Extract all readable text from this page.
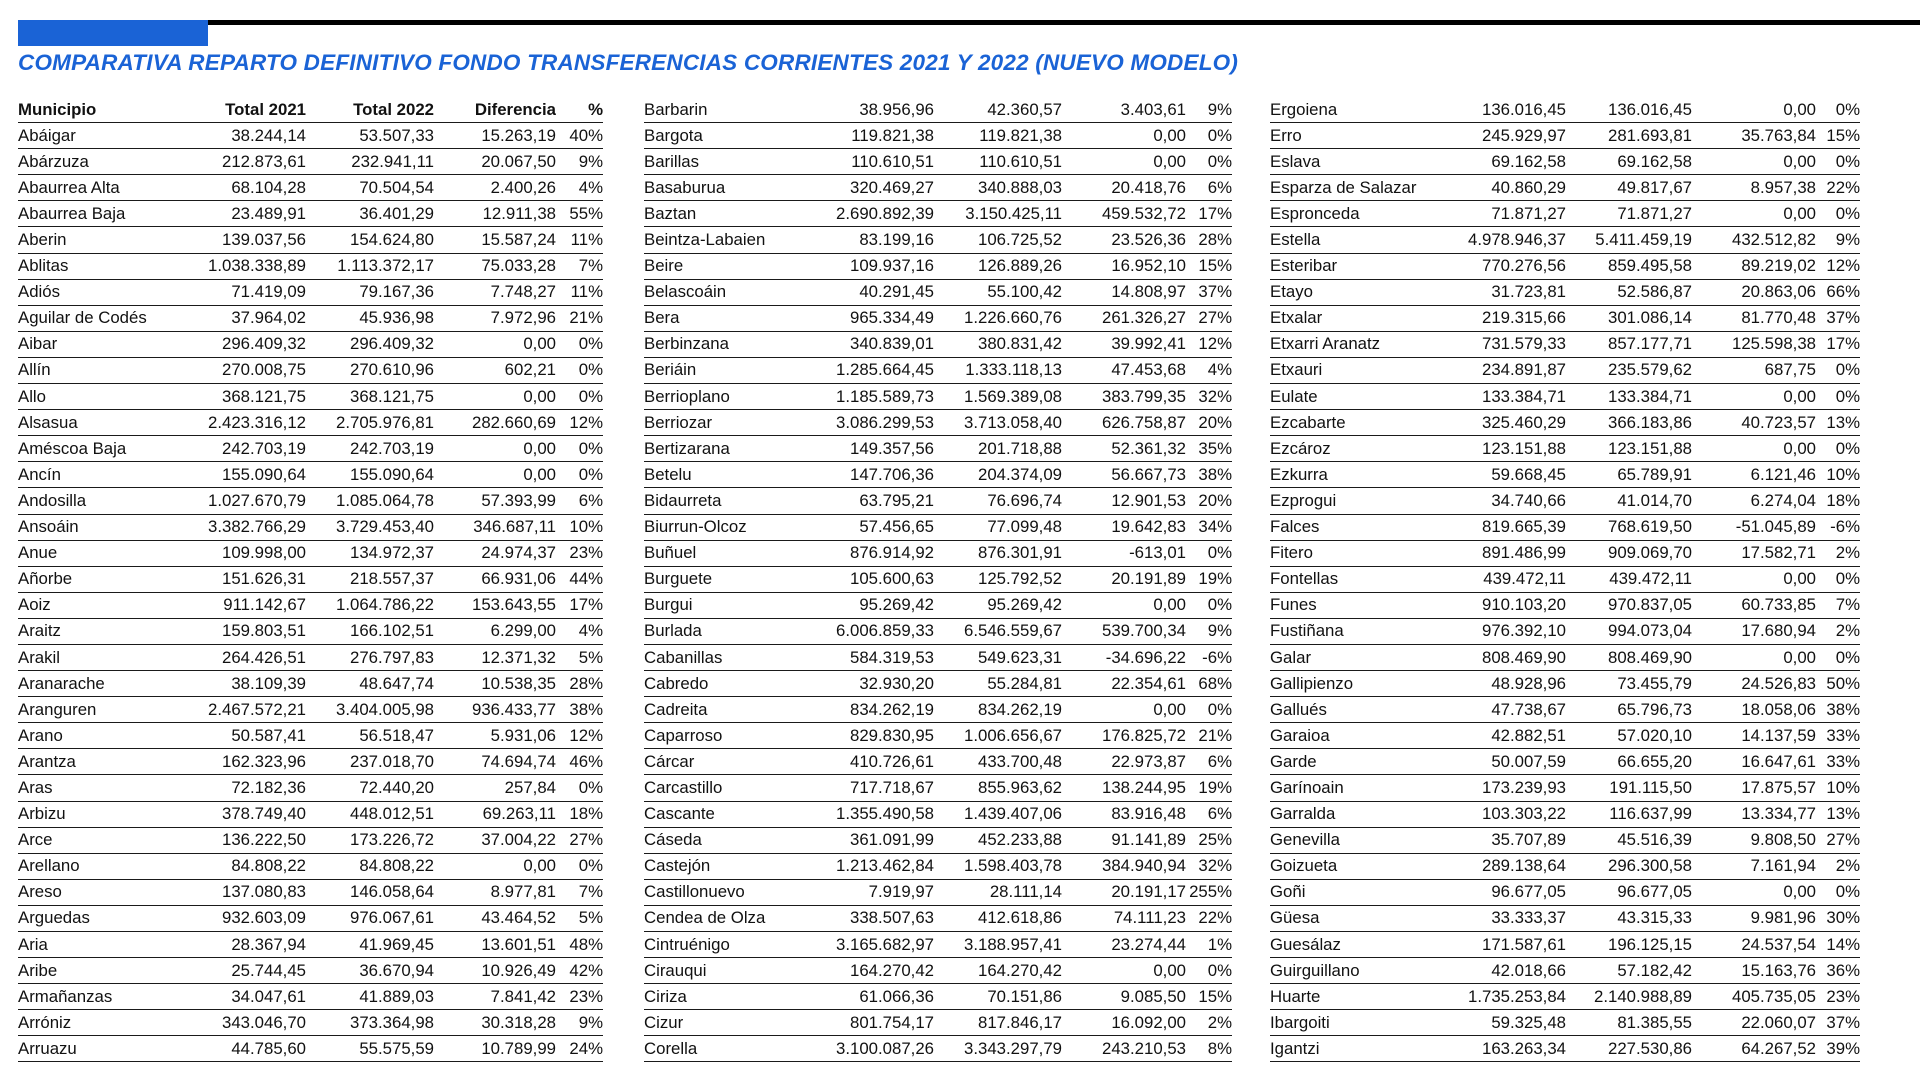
COMPARATIVA REPARTO DEFINITIVO FONDO TRANSFERENCIAS CORRIENTES 2021 Y 2022 (NUEVO MODELO)
Municipio	Total 2021	Total 2022	Diferencia	%
Abáigar	38.244,14	53.507,33	15.263,19	40%
Abárzuza	212.873,61	232.941,11	20.067,50	9%
Abaurrea Alta	68.104,28	70.504,54	2.400,26	4%
Abaurrea Baja	23.489,91	36.401,29	12.911,38	55%
Aberin	139.037,56	154.624,80	15.587,24	11%
Ablitas	1.038.338,89	1.113.372,17	75.033,28	7%
Adiós	71.419,09	79.167,36	7.748,27	11%
Aguilar de Codés	37.964,02	45.936,98	7.972,96	21%
Aibar	296.409,32	296.409,32	0,00	0%
Allín	270.008,75	270.610,96	602,21	0%
Allo	368.121,75	368.121,75	0,00	0%
Alsasua	2.423.316,12	2.705.976,81	282.660,69	12%
Améscoa Baja	242.703,19	242.703,19	0,00	0%
Ancín	155.090,64	155.090,64	0,00	0%
Andosilla	1.027.670,79	1.085.064,78	57.393,99	6%
Ansoáin	3.382.766,29	3.729.453,40	346.687,11	10%
Anue	109.998,00	134.972,37	24.974,37	23%
Añorbe	151.626,31	218.557,37	66.931,06	44%
Aoiz	911.142,67	1.064.786,22	153.643,55	17%
Araitz	159.803,51	166.102,51	6.299,00	4%
Arakil	264.426,51	276.797,83	12.371,32	5%
Aranarache	38.109,39	48.647,74	10.538,35	28%
Aranguren	2.467.572,21	3.404.005,98	936.433,77	38%
Arano	50.587,41	56.518,47	5.931,06	12%
Arantza	162.323,96	237.018,70	74.694,74	46%
Aras	72.182,36	72.440,20	257,84	0%
Arbizu	378.749,40	448.012,51	69.263,11	18%
Arce	136.222,50	173.226,72	37.004,22	27%
Arellano	84.808,22	84.808,22	0,00	0%
Areso	137.080,83	146.058,64	8.977,81	7%
Arguedas	932.603,09	976.067,61	43.464,52	5%
Aria	28.367,94	41.969,45	13.601,51	48%
Aribe	25.744,45	36.670,94	10.926,49	42%
Armañanzas	34.047,61	41.889,03	7.841,42	23%
Arróniz	343.046,70	373.364,98	30.318,28	9%
Arruazu	44.785,60	55.575,59	10.789,99	24%
Barbarin	38.956,96	42.360,57	3.403,61	9%
Bargota	119.821,38	119.821,38	0,00	0%
Barillas	110.610,51	110.610,51	0,00	0%
Basaburua	320.469,27	340.888,03	20.418,76	6%
Baztan	2.690.892,39	3.150.425,11	459.532,72	17%
Beintza-Labaien	83.199,16	106.725,52	23.526,36	28%
Beire	109.937,16	126.889,26	16.952,10	15%
Belascoáin	40.291,45	55.100,42	14.808,97	37%
Bera	965.334,49	1.226.660,76	261.326,27	27%
Berbinzana	340.839,01	380.831,42	39.992,41	12%
Beriáin	1.285.664,45	1.333.118,13	47.453,68	4%
Berrioplano	1.185.589,73	1.569.389,08	383.799,35	32%
Berriozar	3.086.299,53	3.713.058,40	626.758,87	20%
Bertizarana	149.357,56	201.718,88	52.361,32	35%
Betelu	147.706,36	204.374,09	56.667,73	38%
Bidaurreta	63.795,21	76.696,74	12.901,53	20%
Biurrun-Olcoz	57.456,65	77.099,48	19.642,83	34%
Buñuel	876.914,92	876.301,91	-613,01	0%
Burguete	105.600,63	125.792,52	20.191,89	19%
Burgui	95.269,42	95.269,42	0,00	0%
Burlada	6.006.859,33	6.546.559,67	539.700,34	9%
Cabanillas	584.319,53	549.623,31	-34.696,22	-6%
Cabredo	32.930,20	55.284,81	22.354,61	68%
Cadreita	834.262,19	834.262,19	0,00	0%
Caparroso	829.830,95	1.006.656,67	176.825,72	21%
Cárcar	410.726,61	433.700,48	22.973,87	6%
Carcastillo	717.718,67	855.963,62	138.244,95	19%
Cascante	1.355.490,58	1.439.407,06	83.916,48	6%
Cáseda	361.091,99	452.233,88	91.141,89	25%
Castejón	1.213.462,84	1.598.403,78	384.940,94	32%
Castillonuevo	7.919,97	28.111,14	20.191,17	255%
Cendea de Olza	338.507,63	412.618,86	74.111,23	22%
Cintruénigo	3.165.682,97	3.188.957,41	23.274,44	1%
Cirauqui	164.270,42	164.270,42	0,00	0%
Ciriza	61.066,36	70.151,86	9.085,50	15%
Cizur	801.754,17	817.846,17	16.092,00	2%
Corella	3.100.087,26	3.343.297,79	243.210,53	8%
Ergoiena	136.016,45	136.016,45	0,00	0%
Erro	245.929,97	281.693,81	35.763,84	15%
Eslava	69.162,58	69.162,58	0,00	0%
Esparza de Salazar	40.860,29	49.817,67	8.957,38	22%
Espronceda	71.871,27	71.871,27	0,00	0%
Estella	4.978.946,37	5.411.459,19	432.512,82	9%
Esteribar	770.276,56	859.495,58	89.219,02	12%
Etayo	31.723,81	52.586,87	20.863,06	66%
Etxalar	219.315,66	301.086,14	81.770,48	37%
Etxarri Aranatz	731.579,33	857.177,71	125.598,38	17%
Etxauri	234.891,87	235.579,62	687,75	0%
Eulate	133.384,71	133.384,71	0,00	0%
Ezcabarte	325.460,29	366.183,86	40.723,57	13%
Ezcároz	123.151,88	123.151,88	0,00	0%
Ezkurra	59.668,45	65.789,91	6.121,46	10%
Ezprogui	34.740,66	41.014,70	6.274,04	18%
Falces	819.665,39	768.619,50	-51.045,89	-6%
Fitero	891.486,99	909.069,70	17.582,71	2%
Fontellas	439.472,11	439.472,11	0,00	0%
Funes	910.103,20	970.837,05	60.733,85	7%
Fustiñana	976.392,10	994.073,04	17.680,94	2%
Galar	808.469,90	808.469,90	0,00	0%
Gallipienzo	48.928,96	73.455,79	24.526,83	50%
Gallués	47.738,67	65.796,73	18.058,06	38%
Garaioa	42.882,51	57.020,10	14.137,59	33%
Garde	50.007,59	66.655,20	16.647,61	33%
Garínoain	173.239,93	191.115,50	17.875,57	10%
Garralda	103.303,22	116.637,99	13.334,77	13%
Genevilla	35.707,89	45.516,39	9.808,50	27%
Goizueta	289.138,64	296.300,58	7.161,94	2%
Goñi	96.677,05	96.677,05	0,00	0%
Güesa	33.333,37	43.315,33	9.981,96	30%
Guesálaz	171.587,61	196.125,15	24.537,54	14%
Guirguillano	42.018,66	57.182,42	15.163,76	36%
Huarte	1.735.253,84	2.140.988,89	405.735,05	23%
Ibargoiti	59.325,48	81.385,55	22.060,07	37%
Igantzi	163.263,34	227.530,86	64.267,52	39%
